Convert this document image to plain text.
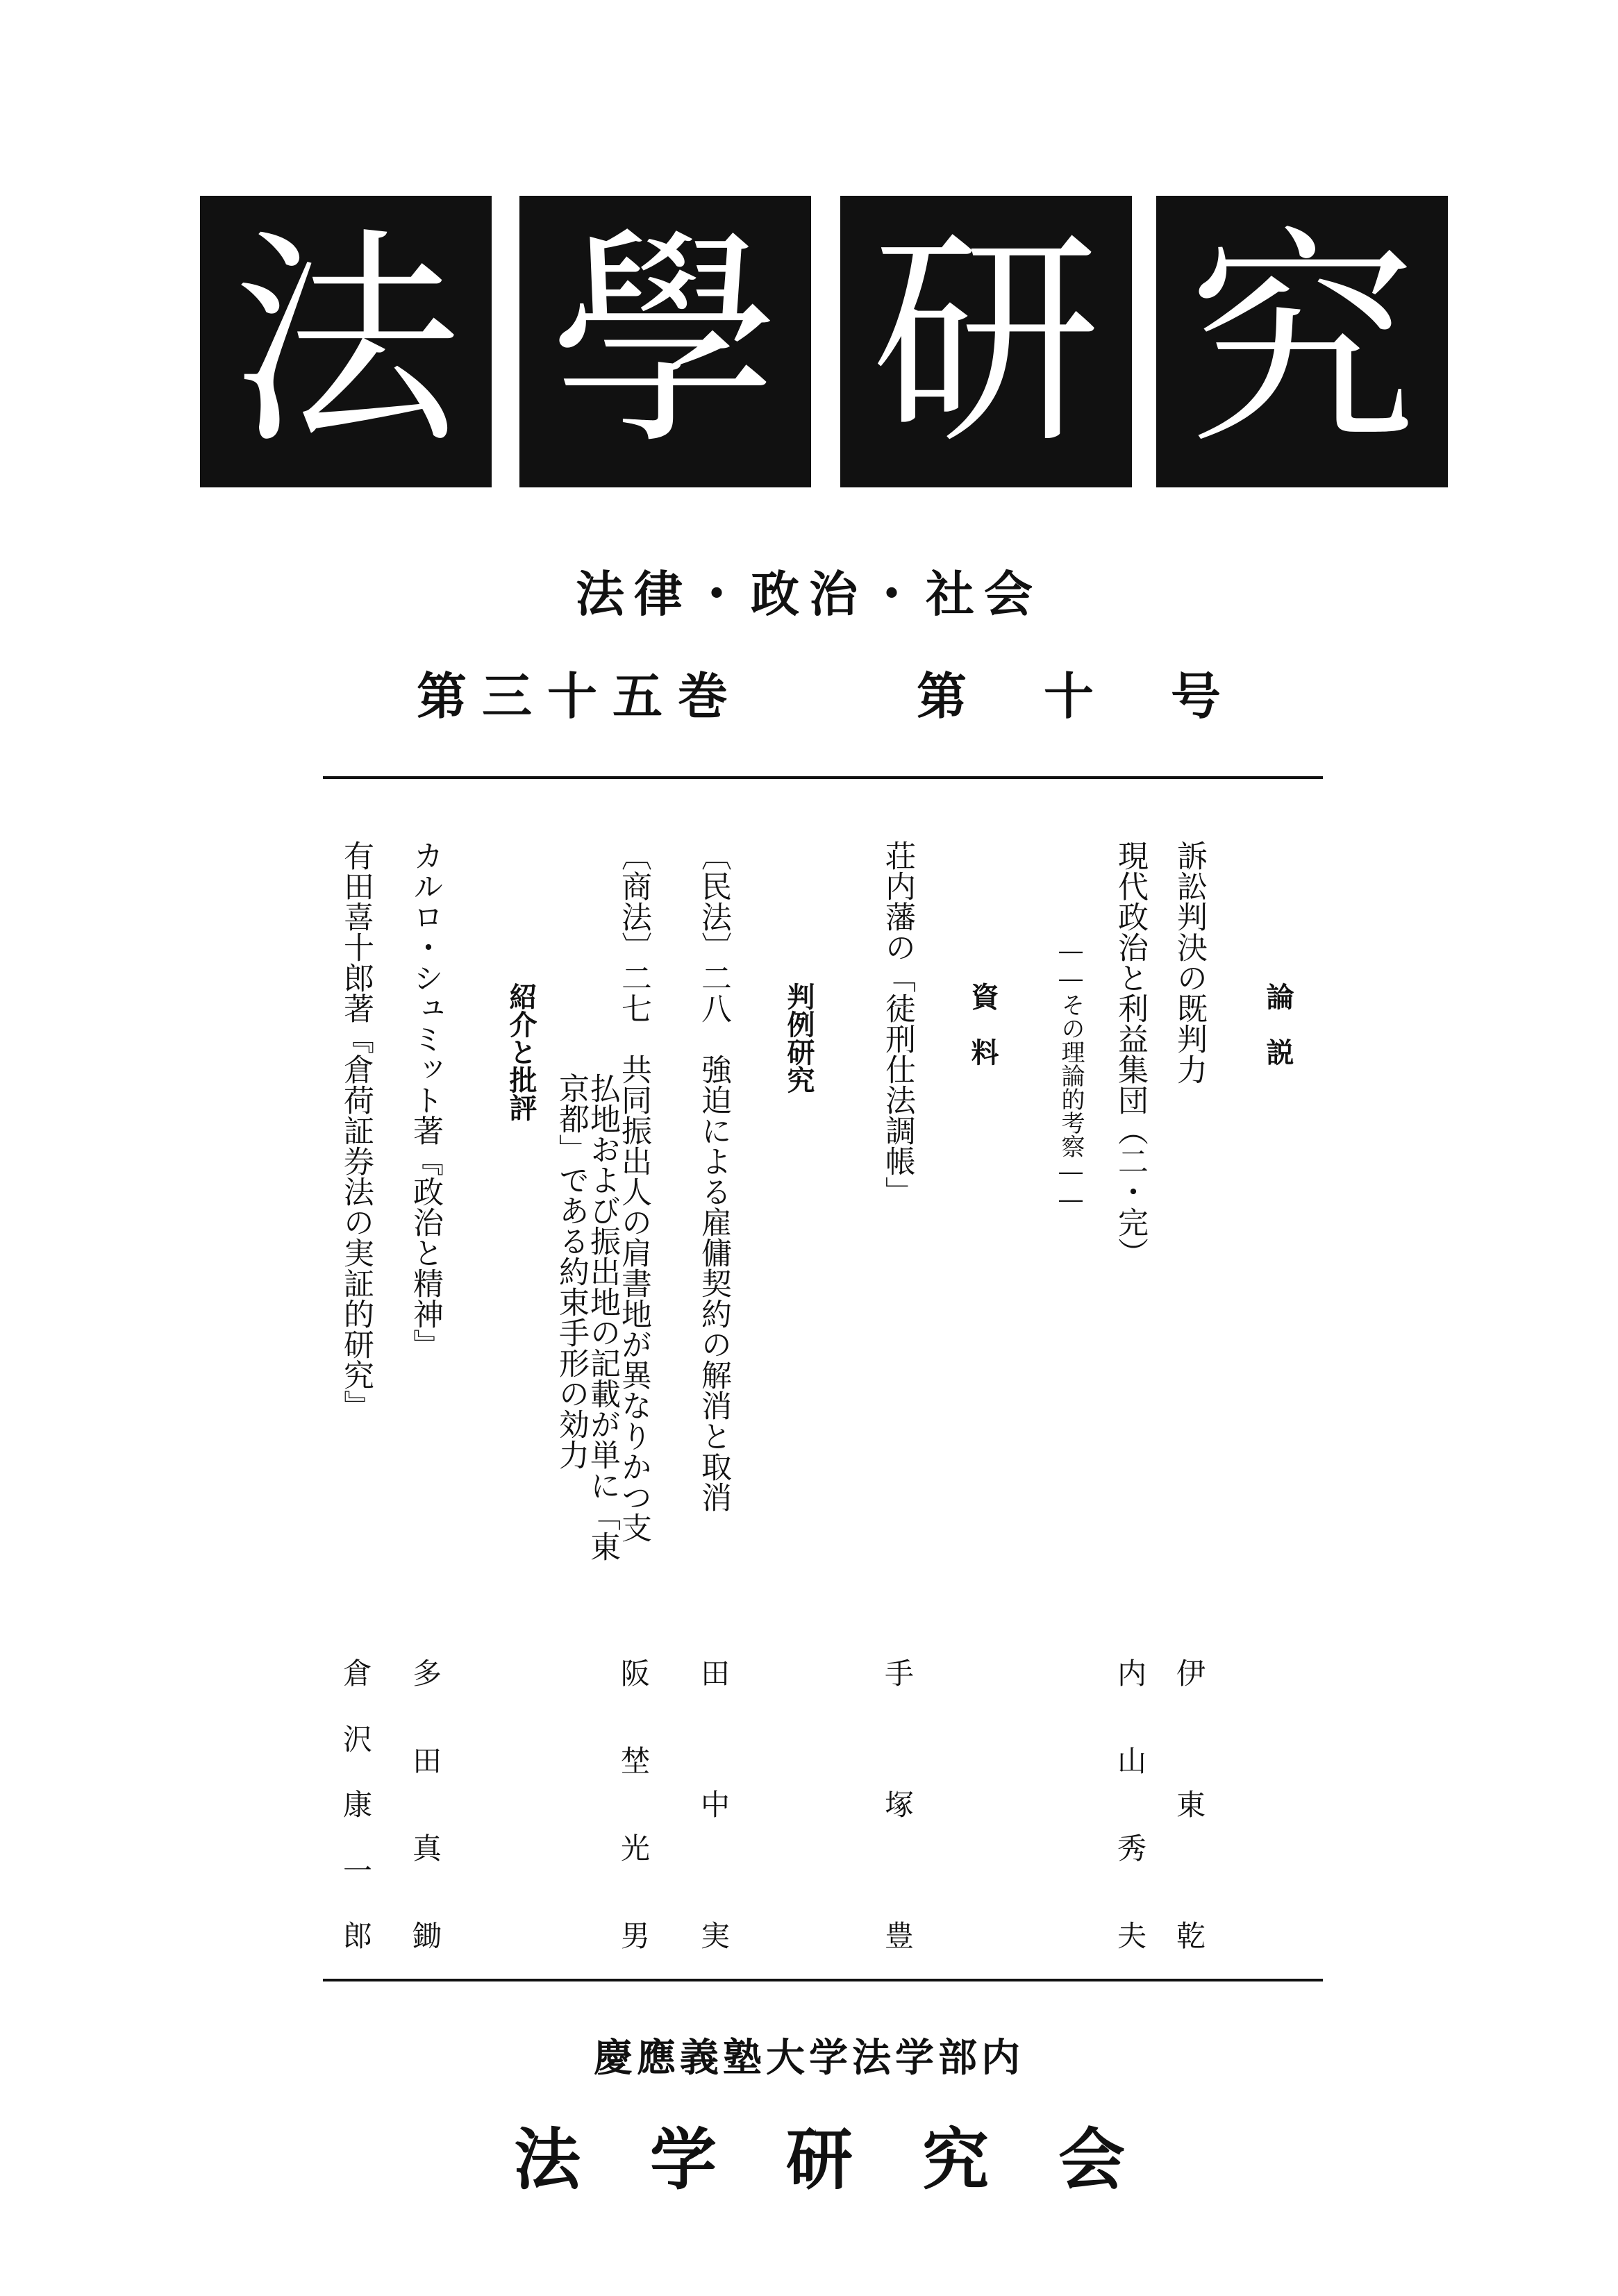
法 學 研 究
法律・政治・社会
第三十五巻	第 十 号
論　説
訴訟判決の既判力
現代政治と利益集団（二・完）
――その理論的考察――
資　料
荘内藩の「徒刑仕法調帳」
判例研究
〔民法〕二八　強迫による雇傭契約の解消と取消
〔商法〕二七　共同振出人の肩書地が異なりかつ支
払地および振出地の記載が単に「東
紹介と批評
カルロ・シュミット著『政治と精神』
有田喜十郎著『倉荷証券法の実証的研究』
伊
東
乾
内
山
秀
夫
手
塚
豊
田
中
実
阪
埜
光
男
多
田
真
鋤
倉
沢
康
一
郎
慶應義塾大学法学部内
法 学 研 究 会
京都」である約束手形の効力
